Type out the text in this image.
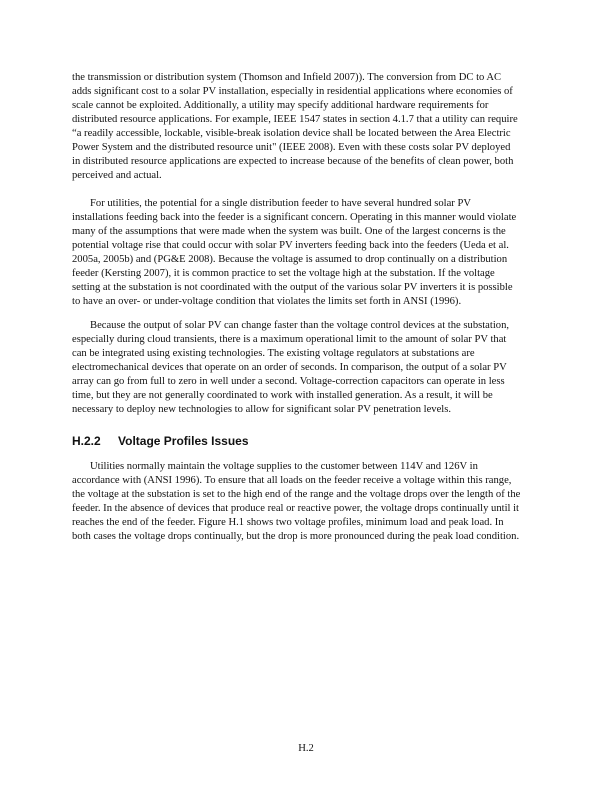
the transmission or distribution system (Thomson and Infield 2007)). The conversion from DC to AC
adds significant cost to a solar PV installation, especially in residential applications where economies of
scale cannot be exploited. Additionally, a utility may specify additional hardware requirements for
distributed resource applications. For example, IEEE 1547 states in section 4.1.7 that a utility can require
“a readily accessible, lockable, visible-break isolation device shall be located between the Area Electric
Power System and the distributed resource unit" (IEEE 2008). Even with these costs solar PV deployed
in distributed resource applications are expected to increase because of the benefits of clean power, both
perceived and actual.

For utilities, the potential for a single distribution feeder to have several hundred solar PV
installations feeding back into the feeder is a significant concern. Operating in this manner would violate
many of the assumptions that were made when the system was built. One of the largest concerns is the
potential voltage rise that could occur with solar PV inverters feeding back into the feeders (Ueda et al.
2005a, 2005b) and (PG&E 2008). Because the voltage is assumed to drop continually on a distribution
feeder (Kersting 2007), it is common practice to set the voltage high at the substation. If the voltage
setting at the substation is not coordinated with the output of the various solar PV inverters it is possible
to have an over- or under-voltage condition that violates the limits set forth in ANSI (1996).

Because the output of solar PV can change faster than the voltage control devices at the substation,
especially during cloud transients, there is a maximum operational limit to the amount of solar PV that
can be integrated using existing technologies. The existing voltage regulators at substations are
electromechanical devices that operate on an order of seconds. In comparison, the output of a solar PV
array can go from full to zero in well under a second. Voltage-correction capacitors can operate in less
time, but they are not generally coordinated to work with installed generation. As a result, it will be
necessary to deploy new technologies to allow for significant solar PV penetration levels.

H.2.2 Voltage Profiles Issues

Utilities normally maintain the voltage supplies to the customer between 114V and 126V in
accordance with (ANSI 1996). To ensure that all loads on the feeder receive a voltage within this range,
the voltage at the substation is set to the high end of the range and the voltage drops over the length of the
feeder. In the absence of devices that produce real or reactive power, the voltage drops continually until it
reaches the end of the feeder. Figure H.1 shows two voltage profiles, minimum load and peak load. In
both cases the voltage drops continually, but the drop is more pronounced during the peak load condition.

H.2
